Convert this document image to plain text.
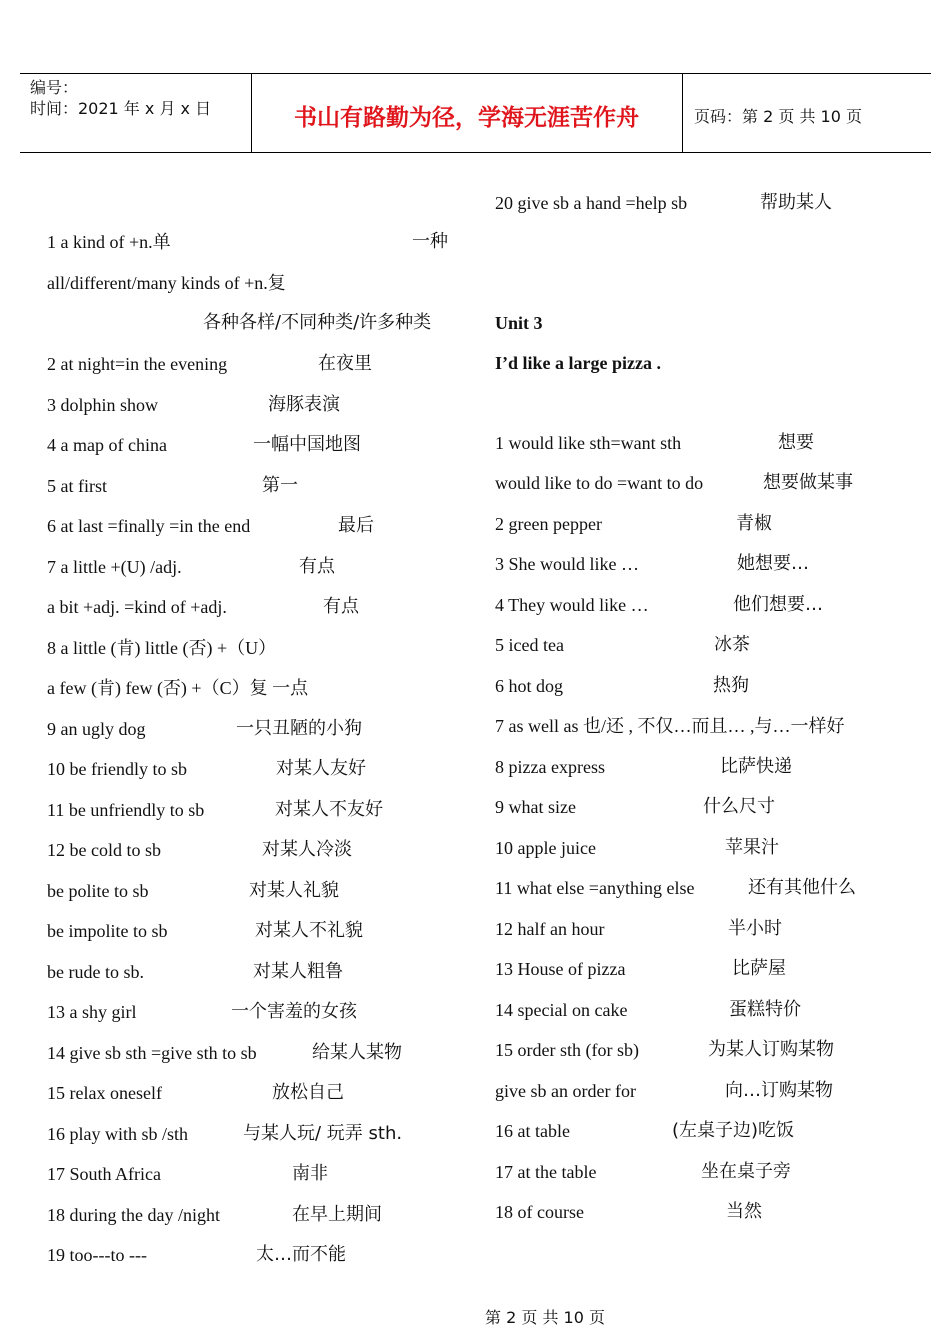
编号：
时间：2021 年 x 月 x 日	书山有路勤为径，学海无涯苦作舟	页码：第 2 页 共 10 页
1 a kind of +n.单	一种
all/different/many kinds of +n.复
各种各样/不同种类/许多种类
2 at night=in the evening	在夜里
3 dolphin show	海豚表演
4 a map of china	一幅中国地图
5 at first	第一
6 at last =finally =in the end	最后
7 a little +(U) /adj.	有点
a bit +adj. =kind of +adj.	有点
8 a little (肯) little (否) +（U）
a few (肯) few (否) +（C）复 一点
9 an ugly dog	一只丑陋的小狗
10 be friendly to sb	对某人友好
11 be unfriendly to sb	对某人不友好
12 be cold to sb	对某人冷淡
be polite to sb	对某人礼貌
be impolite to sb	对某人不礼貌
be rude to sb.	对某人粗鲁
13 a shy girl	一个害羞的女孩
14 give sb sth =give sth to sb	给某人某物
15 relax oneself	放松自己
16 play with sb /sth	与某人玩/ 玩弄 sth.
17 South Africa	南非
18 during the day /night	在早上期间
19 too---to ---	太…而不能
20 give sb a hand =help sb	帮助某人
Unit 3
I’d like a large pizza .
1 would like sth=want sth	想要
would like to do =want to do	想要做某事
2 green pepper	青椒
3 She would like …	她想要…
4 They would like …	他们想要…
5 iced tea	冰茶
6 hot dog	热狗
7 as well as 也/还 , 不仅…而且… ,与…一样好
8 pizza express	比萨快递
9 what size	什么尺寸
10 apple juice	苹果汁
11 what else =anything else	还有其他什么
12 half an hour	半小时
13 House of pizza	比萨屋
14 special on cake	蛋糕特价
15 order sth (for sb)	为某人订购某物
give sb an order for	向…订购某物
16 at table	(左桌子边)吃饭
17 at the table	坐在桌子旁
18 of course	当然
第 2 页 共 10 页
